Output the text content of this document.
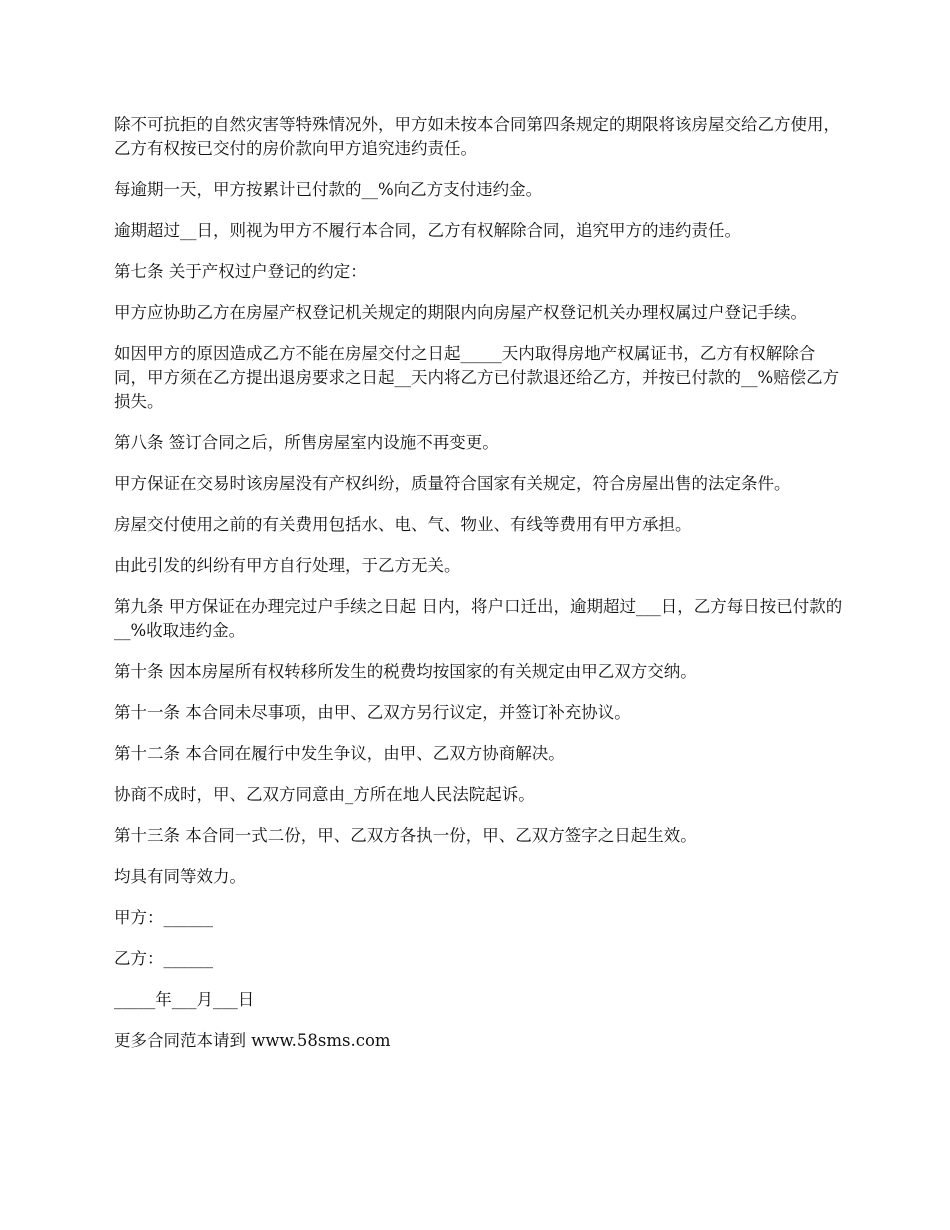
除不可抗拒的自然灾害等特殊情况外，甲方如未按本合同第四条规定的期限将该房屋交给乙方使用，乙方有权按已交付的房价款向甲方追究违约责任。

每逾期一天，甲方按累计已付款的__%向乙方支付违约金。

逾期超过__日，则视为甲方不履行本合同，乙方有权解除合同，追究甲方的违约责任。

第七条 关于产权过户登记的约定：

甲方应协助乙方在房屋产权登记机关规定的期限内向房屋产权登记机关办理权属过户登记手续。

如因甲方的原因造成乙方不能在房屋交付之日起_____天内取得房地产权属证书，乙方有权解除合同，甲方须在乙方提出退房要求之日起__天内将乙方已付款退还给乙方，并按已付款的__%赔偿乙方损失。

第八条 签订合同之后，所售房屋室内设施不再变更。

甲方保证在交易时该房屋没有产权纠纷，质量符合国家有关规定，符合房屋出售的法定条件。

房屋交付使用之前的有关费用包括水、电、气、物业、有线等费用有甲方承担。

由此引发的纠纷有甲方自行处理，于乙方无关。

第九条 甲方保证在办理完过户手续之日起 日内，将户口迁出，逾期超过___日，乙方每日按已付款的__%收取违约金。

第十条 因本房屋所有权转移所发生的税费均按国家的有关规定由甲乙双方交纳。

第十一条 本合同未尽事项，由甲、乙双方另行议定，并签订补充协议。

第十二条 本合同在履行中发生争议，由甲、乙双方协商解决。

协商不成时，甲、乙双方同意由_方所在地人民法院起诉。

第十三条 本合同一式二份，甲、乙双方各执一份，甲、乙双方签字之日起生效。

均具有同等效力。

甲方：______

乙方：______

_____年___月___日

更多合同范本请到 www.58sms.com
